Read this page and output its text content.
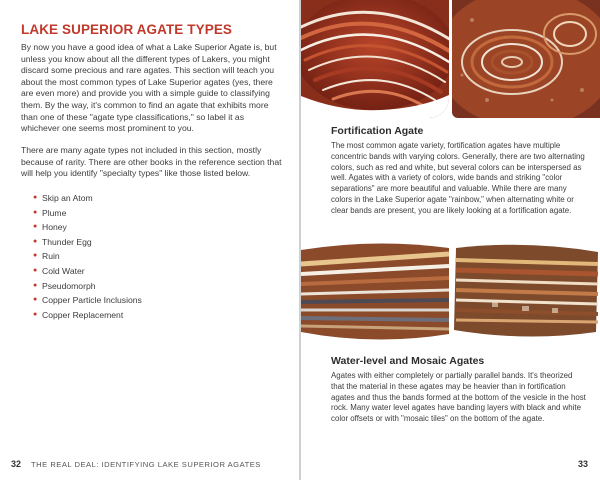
LAKE SUPERIOR AGATE TYPES

By now you have a good idea of what a Lake Superior Agate is, but unless you know about all the different types of Lakers, you might discard some precious and rare agates. This section will teach you about the most common types of Lake Superior agates (yes, there are even more) and provide you with a simple guide to classifying them. By the way, it's common to find an agate that exhibits more than one of these "agate type classifications," so label it as whichever one seems most prominent to you.

There are many agate types not included in this section, mostly because of rarity. There are other books in the reference section that will help you identify "specialty types" like those listed below.

● Skip an Atom
● Plume
● Honey
● Thunder Egg
● Ruin
● Cold Water
● Pseudomorph
● Copper Particle Inclusions
● Copper Replacement
32 THE REAL DEAL: IDENTIFYING LAKE SUPERIOR AGATES
Fortification Agate

The most common agate variety, fortification agates have multiple concentric bands with varying colors. Generally, there are two alternating colors, such as red and white, but several colors can be interspersed as well. Agates with a variety of colors, wide bands and striking "color separations" are more beautiful and valuable. While there are many colors in the Lake Superior agate "rainbow," when alternating white or clear bands are present, you are likely looking at a fortification agate.

Water-level and Mosaic Agates

Agates with either completely or partially parallel bands. It's theorized that the material in these agates may be heavier than in fortification agates and thus the bands formed at the bottom of the vesicle in the host rock. Many water level agates have banding layers with black and white color offsets or with "mosaic tiles" on the bottom of the agate.

33
